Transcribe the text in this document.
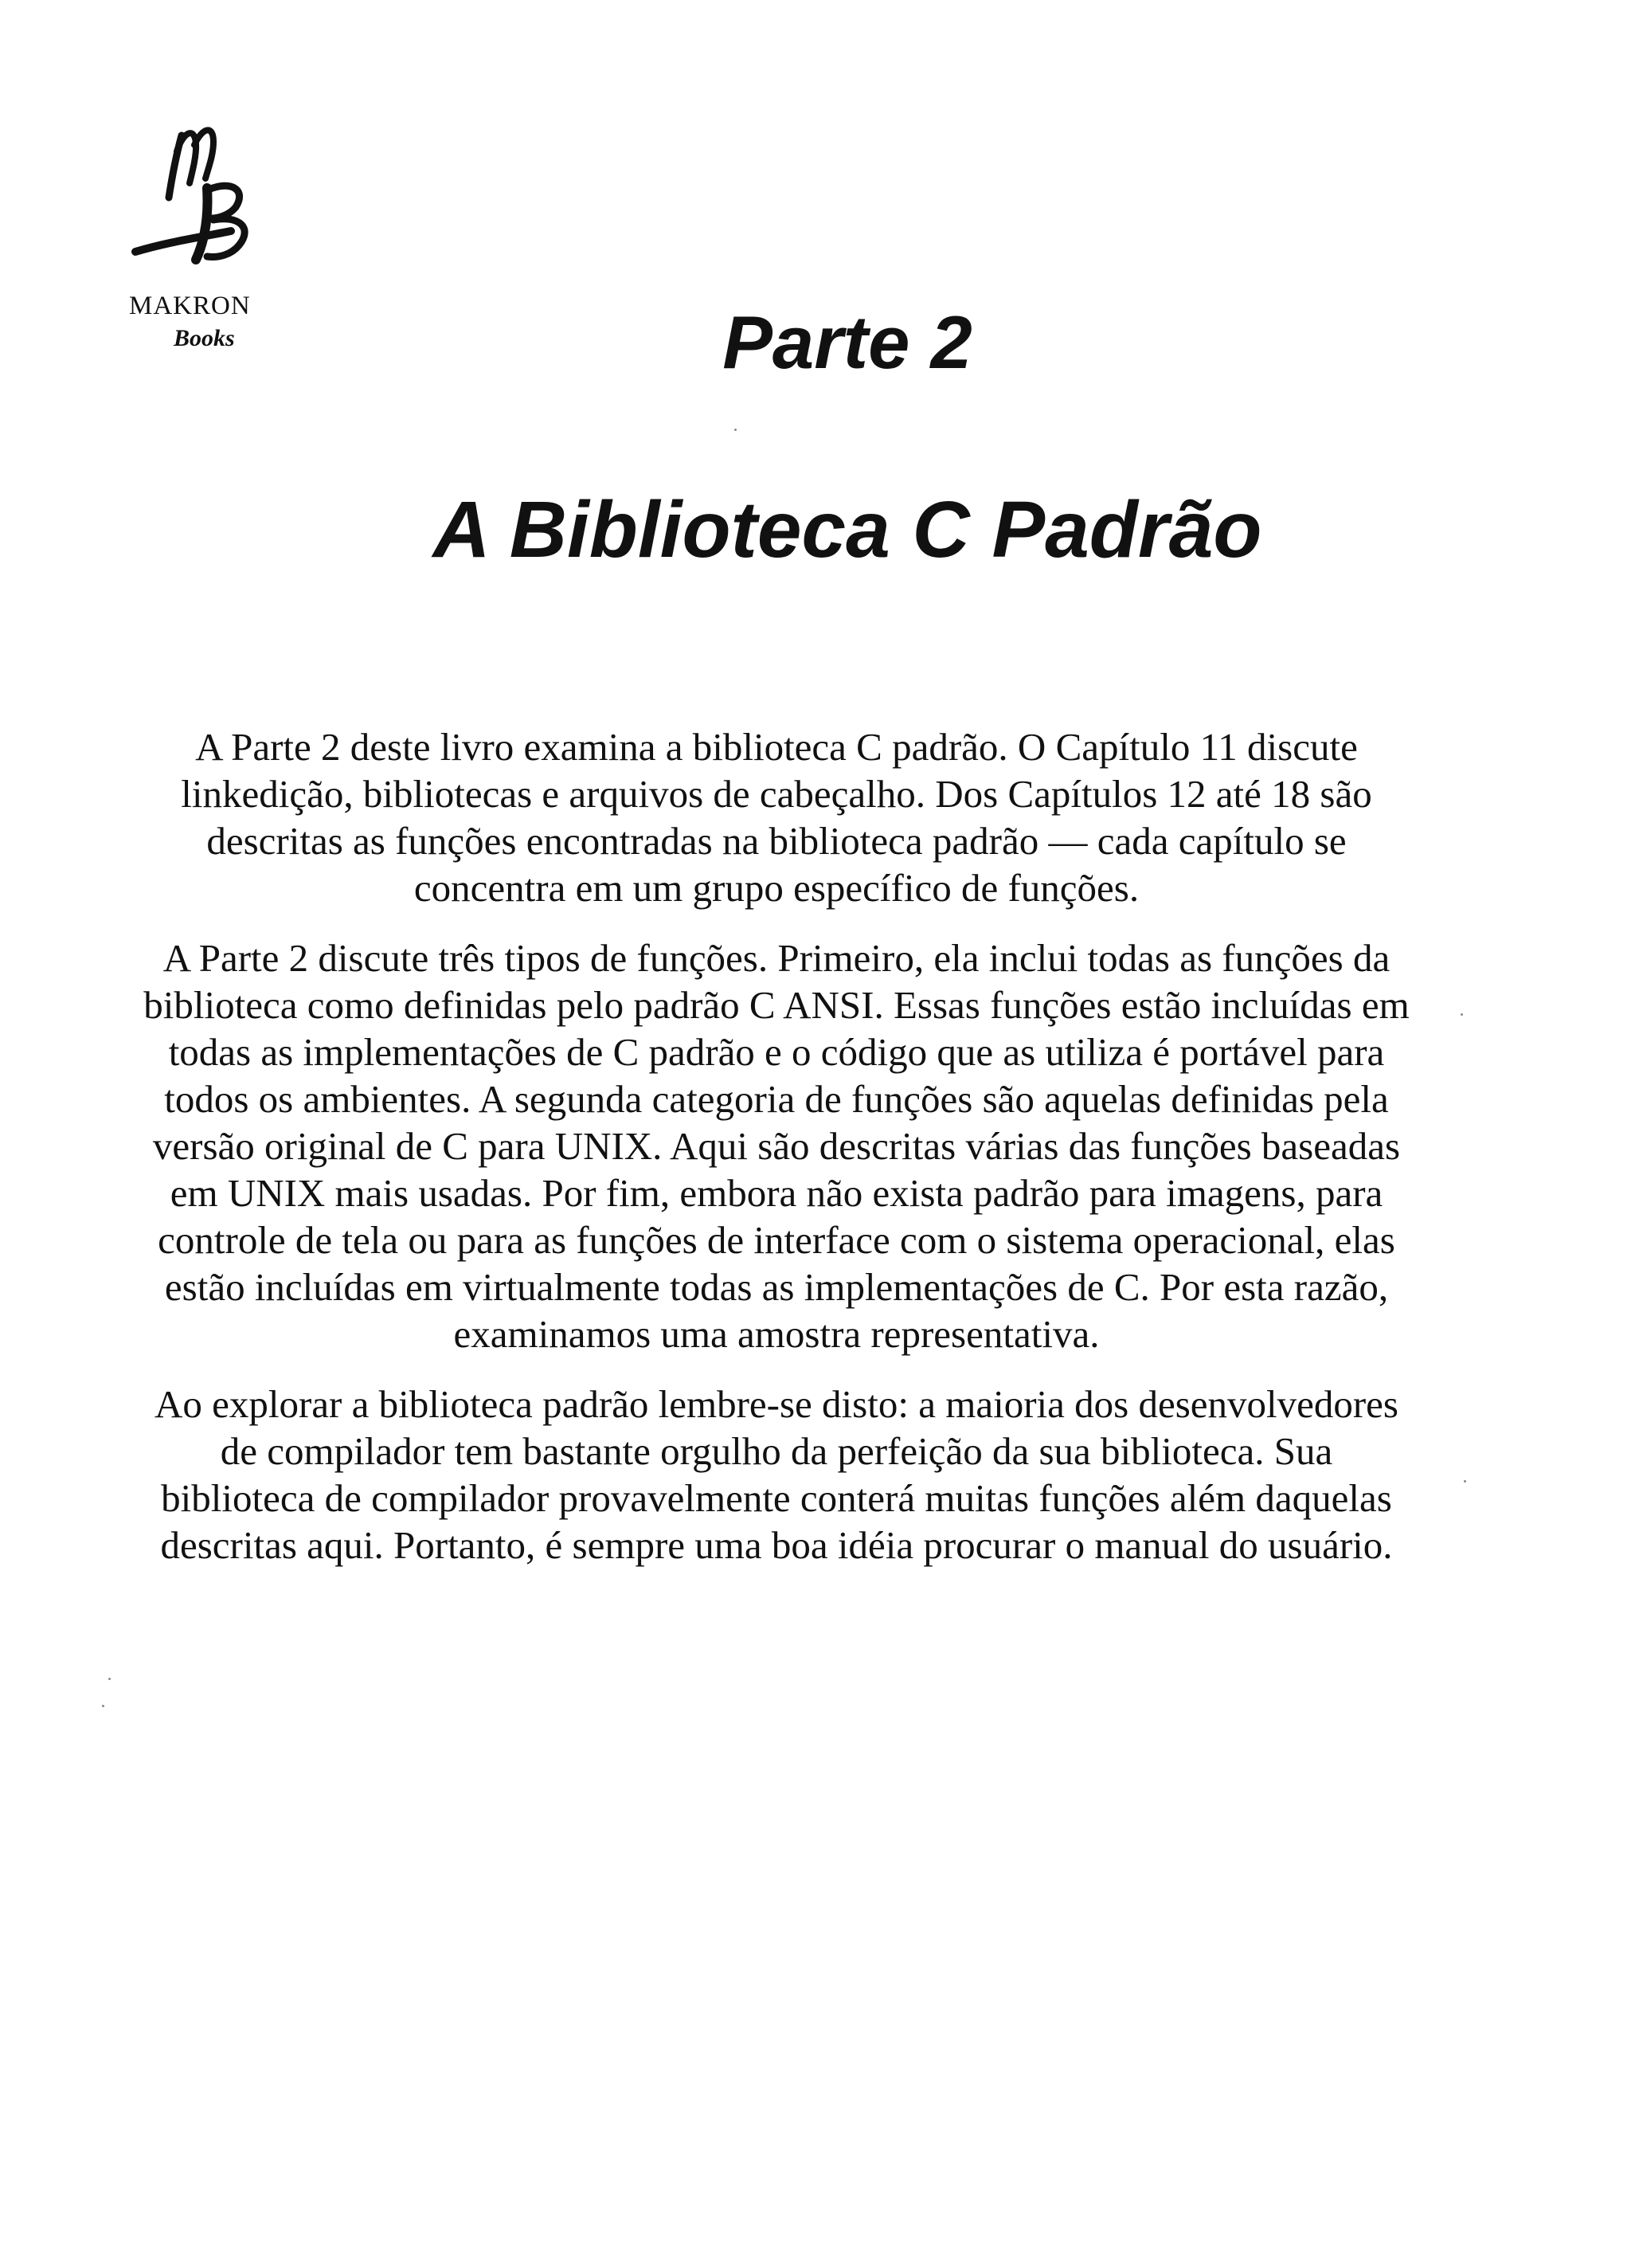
MAKRON
Books	Parte 2
A Biblioteca C Padrão

A Parte 2 deste livro examina a biblioteca C padrão. O Capítulo 11 discute linkedição, bibliotecas e arquivos de cabeçalho. Dos Capítulos 12 até 18 são descritas as funções encontradas na biblioteca padrão — cada capítulo se concentra em um grupo específico de funções.

A Parte 2 discute três tipos de funções. Primeiro, ela inclui todas as funções da biblioteca como definidas pelo padrão C ANSI. Essas funções estão incluídas em todas as implementações de C padrão e o código que as utiliza é portável para todos os ambientes. A segunda categoria de funções são aquelas definidas pela versão original de C para UNIX. Aqui são descritas várias das funções baseadas em UNIX mais usadas. Por fim, embora não exista padrão para imagens, para controle de tela ou para as funções de interface com o sistema operacional, elas estão incluídas em virtualmente todas as implementações de C. Por esta razão, examinamos uma amostra representativa.

Ao explorar a biblioteca padrão lembre-se disto: a maioria dos desenvolvedores de compilador tem bastante orgulho da perfeição da sua biblioteca. Sua biblioteca de compilador provavelmente conterá muitas funções além daquelas descritas aqui. Portanto, é sempre uma boa idéia procurar o manual do usuário.
